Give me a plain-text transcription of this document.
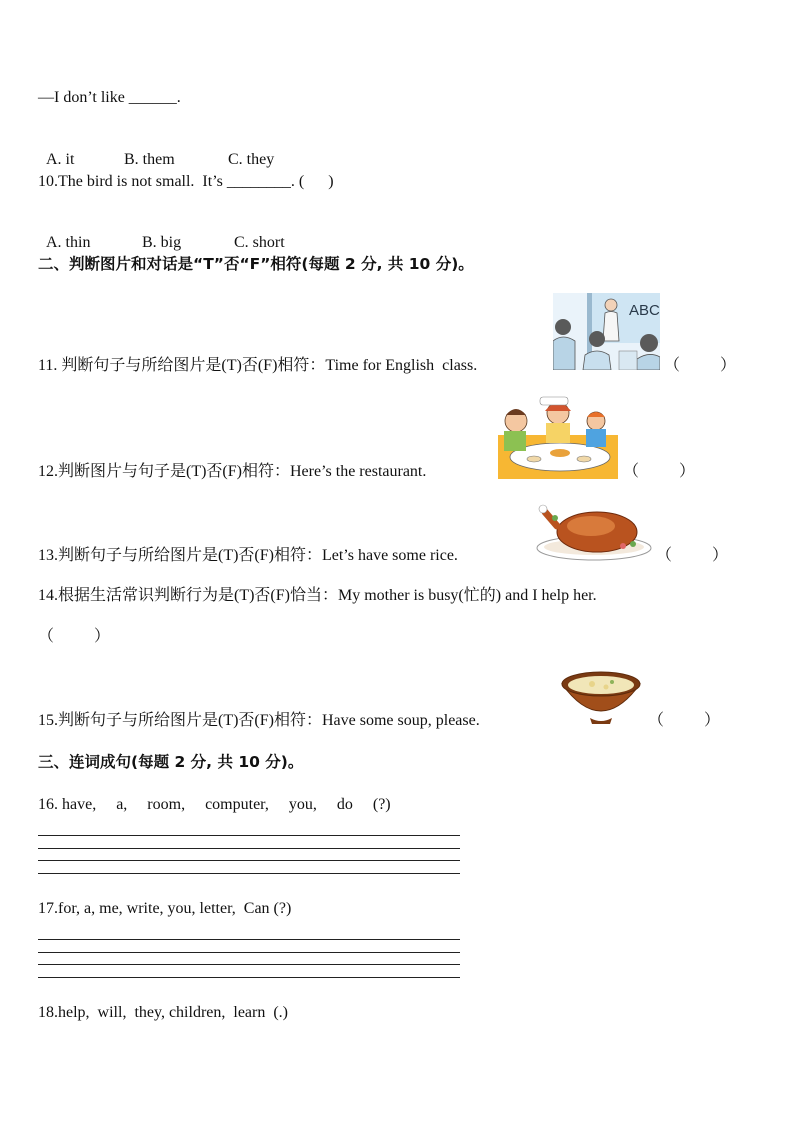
—I don’t like ______.

A. it	B. them	C. they

10.The bird is not small.  It’s ________. (      )

A. thin	B. big	C. short

二、判断图片和对话是“T”否“F”相符(每题 2 分, 共 10 分)。
ABC
11. 判断句子与所给图片是(T)否(F)相符：Time for English  class.	（          ）
12.判断图片与句子是(T)否(F)相符：Here’s the restaurant.	（          ）
13.判断句子与所给图片是(T)否(F)相符：Let’s have some rice.	（          ）
14.根据生活常识判断行为是(T)否(F)恰当：My mother is busy(忙的) and I help her.
（          ）
15.判断句子与所给图片是(T)否(F)相符：Have some soup, please.	（          ）
三、连词成句(每题 2 分, 共 10 分)。
16. have,     a,     room,     computer,     you,     do     (?)
17.for, a, me, write, you, letter,  Can (?)
18.help,  will,  they, children,  learn  (.)
